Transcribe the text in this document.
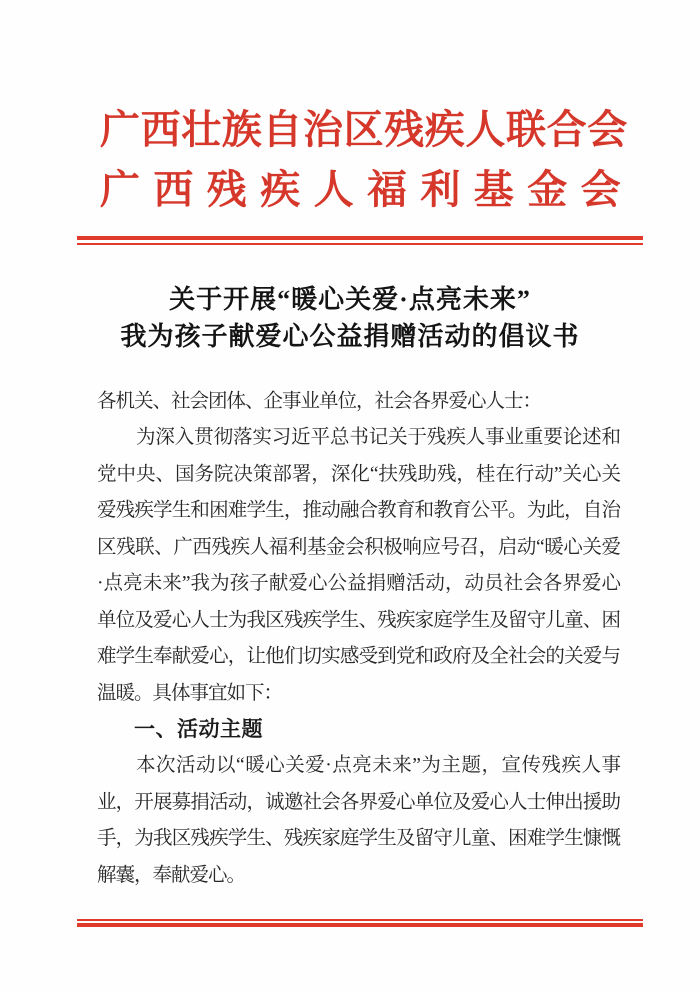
广西壮族自治区残疾人联合会
广西残疾人福利基金会
关于开展“暖心关爱·点亮未来”
我为孩子献爱心公益捐赠活动的倡议书
各机关、社会团体、企事业单位，社会各界爱心人士：
为深入贯彻落实习近平总书记关于残疾人事业重要论述和
党中央、国务院决策部署，深化“扶残助残，桂在行动”关心关
爱残疾学生和困难学生，推动融合教育和教育公平。为此，自治
区残联、广西残疾人福利基金会积极响应号召，启动“暖心关爱
·点亮未来”我为孩子献爱心公益捐赠活动，动员社会各界爱心
单位及爱心人士为我区残疾学生、残疾家庭学生及留守儿童、困
难学生奉献爱心，让他们切实感受到党和政府及全社会的关爱与
温暖。具体事宜如下：
一、活动主题
本次活动以“暖心关爱·点亮未来”为主题，宣传残疾人事
业，开展募捐活动，诚邀社会各界爱心单位及爱心人士伸出援助
手，为我区残疾学生、残疾家庭学生及留守儿童、困难学生慷慨
解囊，奉献爱心。
